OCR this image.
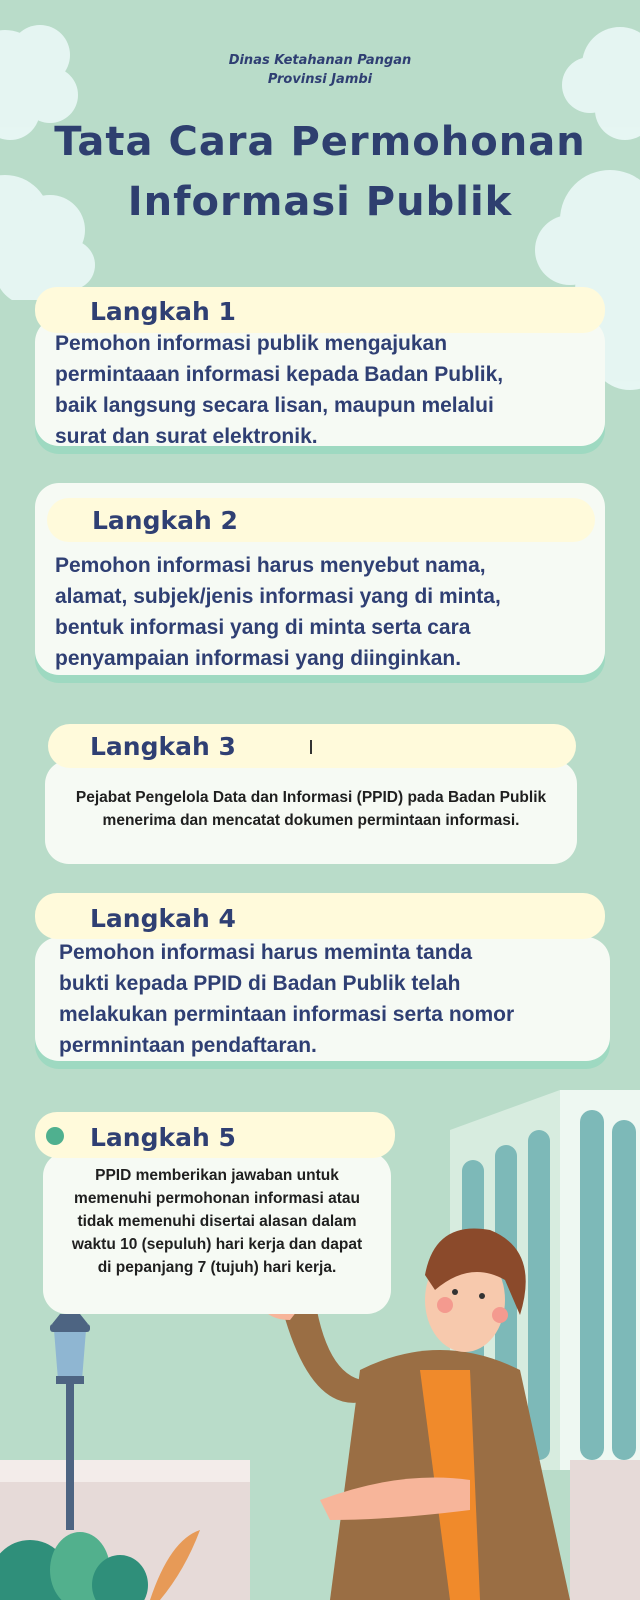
Dinas Ketahanan Pangan
Provinsi Jambi
Tata Cara Permohonan
Informasi Publik
Langkah 1
Pemohon informasi publik mengajukan
permintaaan informasi kepada Badan Publik,
baik langsung secara lisan, maupun melalui
surat dan surat elektronik.
Langkah 2
Pemohon informasi harus menyebut nama,
alamat, subjek/jenis informasi yang di minta,
bentuk informasi yang di minta serta cara
penyampaian informasi yang diinginkan.
Langkah 3
Pejabat Pengelola Data dan Informasi (PPID) pada Badan Publik
menerima dan mencatat dokumen permintaan informasi.
Langkah 4
Pemohon informasi harus meminta tanda
bukti kepada PPID di Badan Publik telah
melakukan permintaan informasi serta nomor
permnintaan pendaftaran.
Langkah 5
PPID memberikan jawaban untuk
memenuhi permohonan informasi atau
tidak memenuhi disertai alasan dalam
waktu 10 (sepuluh) hari kerja dan dapat
di pepanjang 7 (tujuh) hari kerja.
